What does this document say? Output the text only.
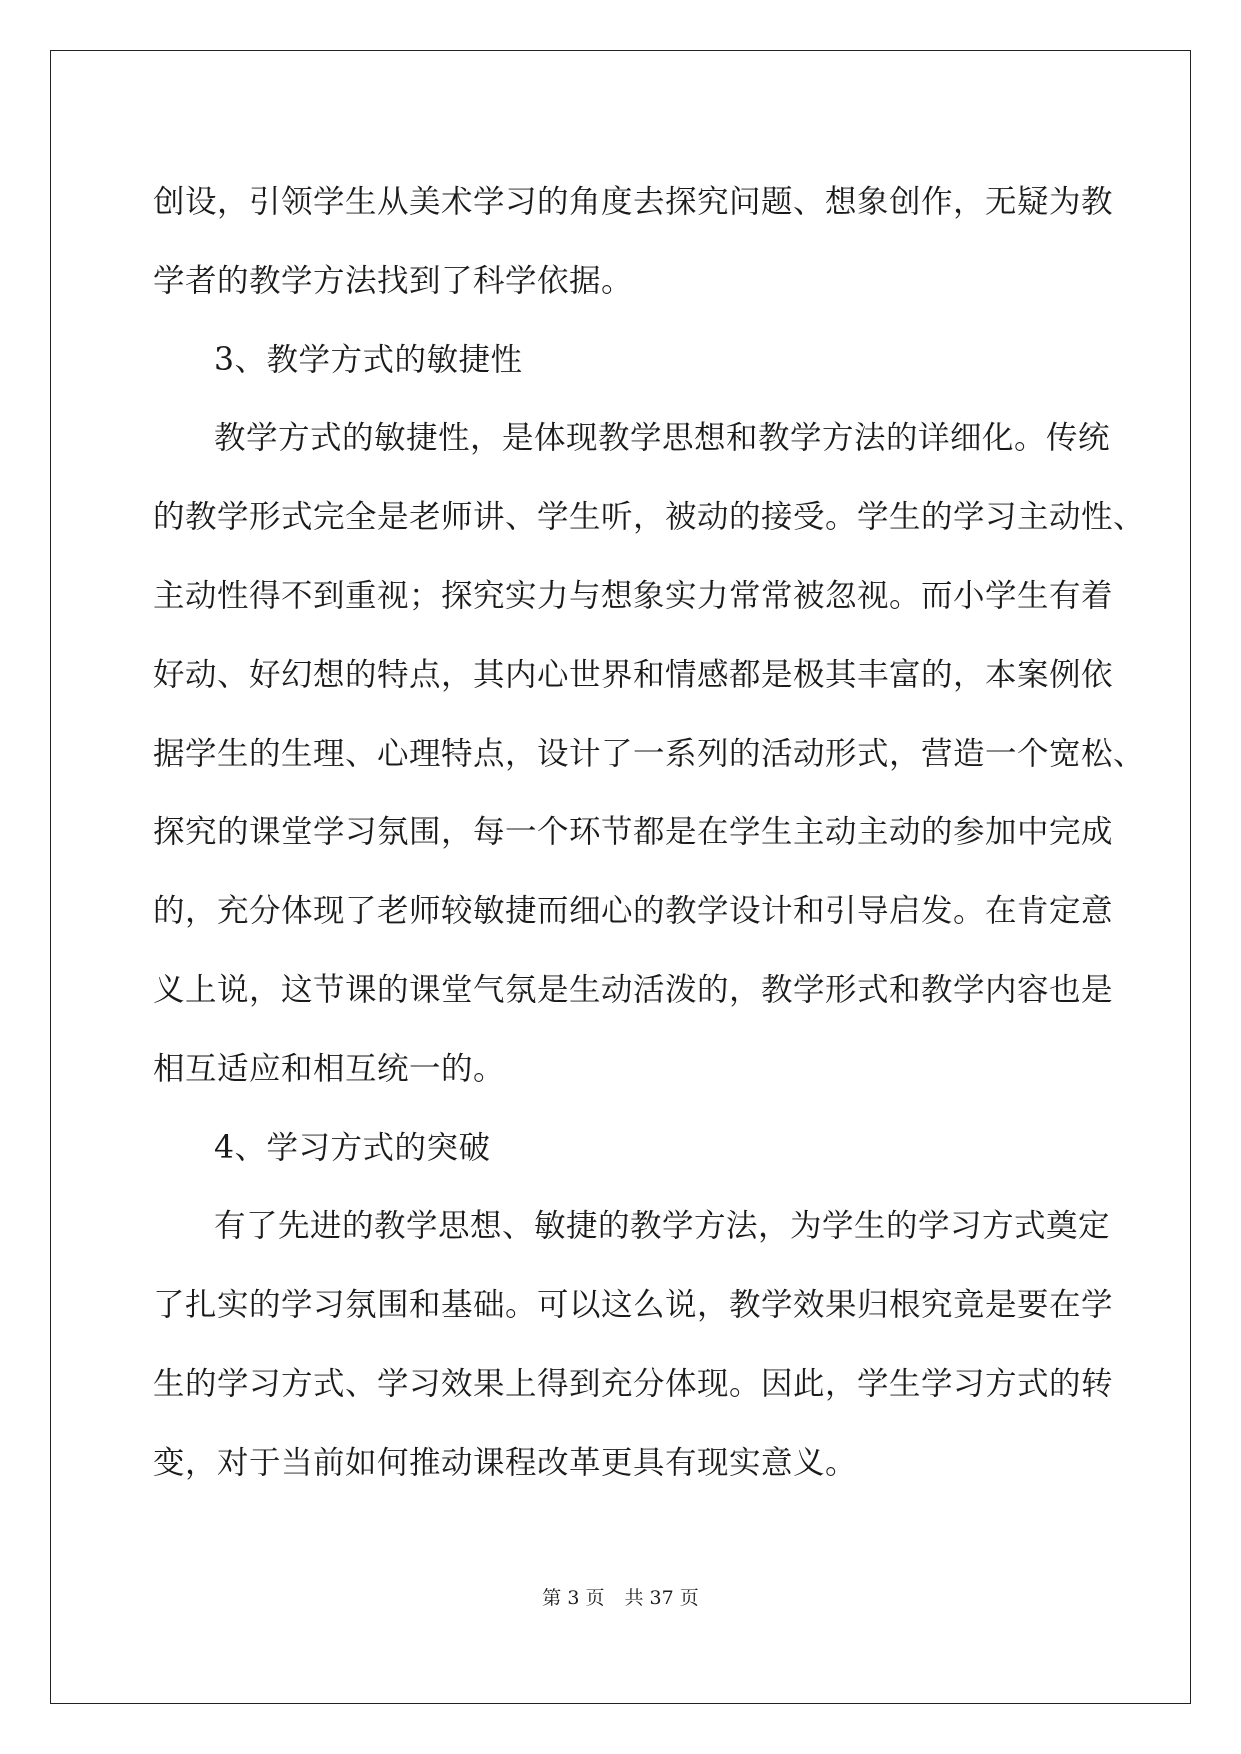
创设，引领学生从美术学习的角度去探究问题、想象创作，无疑为教
学者的教学方法找到了科学依据。
3、教学方式的敏捷性
教学方式的敏捷性，是体现教学思想和教学方法的详细化。传统
的教学形式完全是老师讲、学生听，被动的接受。学生的学习主动性、
主动性得不到重视；探究实力与想象实力常常被忽视。而小学生有着
好动、好幻想的特点，其内心世界和情感都是极其丰富的，本案例依
据学生的生理、心理特点，设计了一系列的活动形式，营造一个宽松、
探究的课堂学习氛围，每一个环节都是在学生主动主动的参加中完成
的，充分体现了老师较敏捷而细心的教学设计和引导启发。在肯定意
义上说，这节课的课堂气氛是生动活泼的，教学形式和教学内容也是
相互适应和相互统一的。
4、学习方式的突破
有了先进的教学思想、敏捷的教学方法，为学生的学习方式奠定
了扎实的学习氛围和基础。可以这么说，教学效果归根究竟是要在学
生的学习方式、学习效果上得到充分体现。因此，学生学习方式的转
变，对于当前如何推动课程改革更具有现实意义。
第 3 页 共 37 页
